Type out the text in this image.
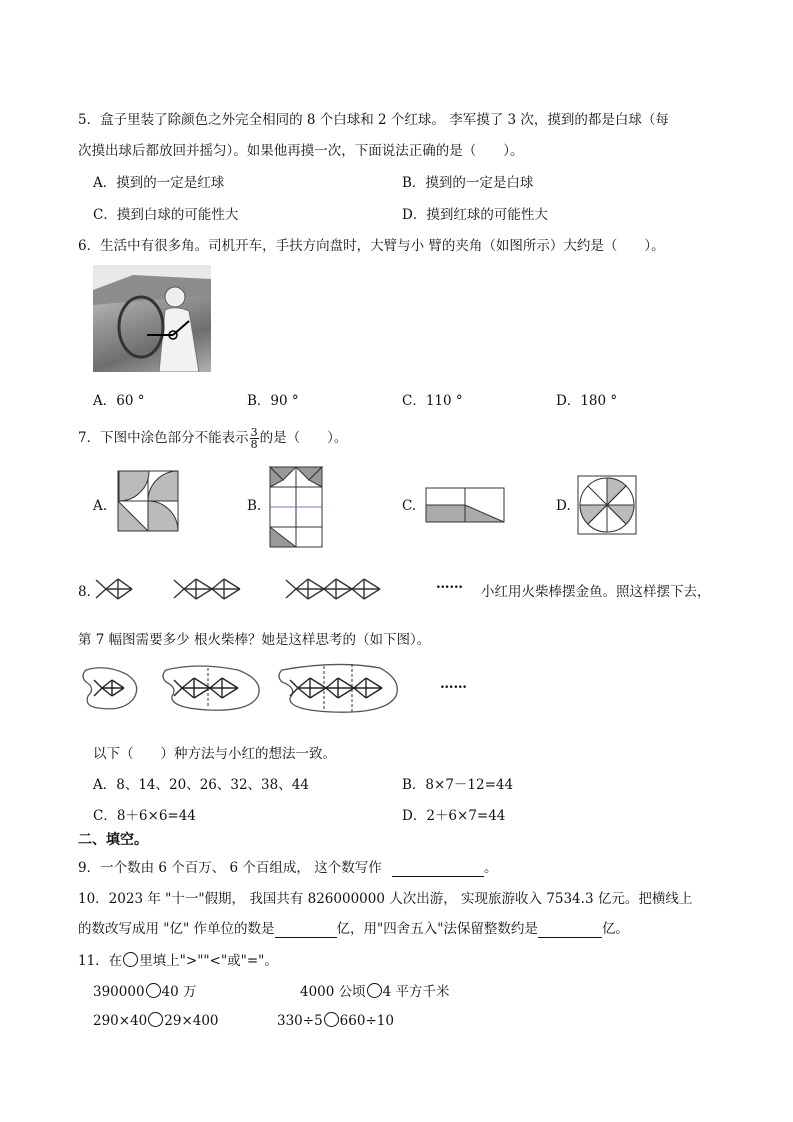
5．盒子里装了除颜色之外完全相同的 8 个白球和 2 个红球。 李军摸了 3 次，摸到的都是白球（每
次摸出球后都放回并摇匀）。如果他再摸一次，下面说法正确的是（　　）。
A．摸到的一定是红球	B．摸到的一定是白球
C．摸到白球的可能性大	D．摸到红球的可能性大
6．生活中有很多角。司机开车，手扶方向盘时，大臂与小 臂的夹角（如图所示）大约是（　　）。
A．60 °	B．90 °	C．110 °	D．180 °
7．下图中涂色部分不能表示 $\frac{3}{8}$ 的是（　　）。
A.	B.	C.	D.
8．	…… 小红用火柴棒摆金鱼。照这样摆下去，
第 7 幅图需要多少 根火柴棒？她是这样思考的（如下图）。
……
以下（　　）种方法与小红的想法一致。
A．8、14、20、26、32、38、44	B．8×7－12=44
C．8＋6×6=44	D．2＋6×7=44
二、填空。
9．一个数由 6 个百万、 6 个百组成， 这个数写作	。
10．2023 年 "十一"假期， 我国共有 826000000 人次出游， 实现旅游收入 7534.3 亿元。把横线上
的数改写成用 "亿" 作单位的数是	亿，用"四舍五入"法保留整数约是	亿。
11．在 里填上">""<"或"="。
390000 40 万	4000 公顷 4 平方千米
290×40 29×400	330÷5 660÷10
